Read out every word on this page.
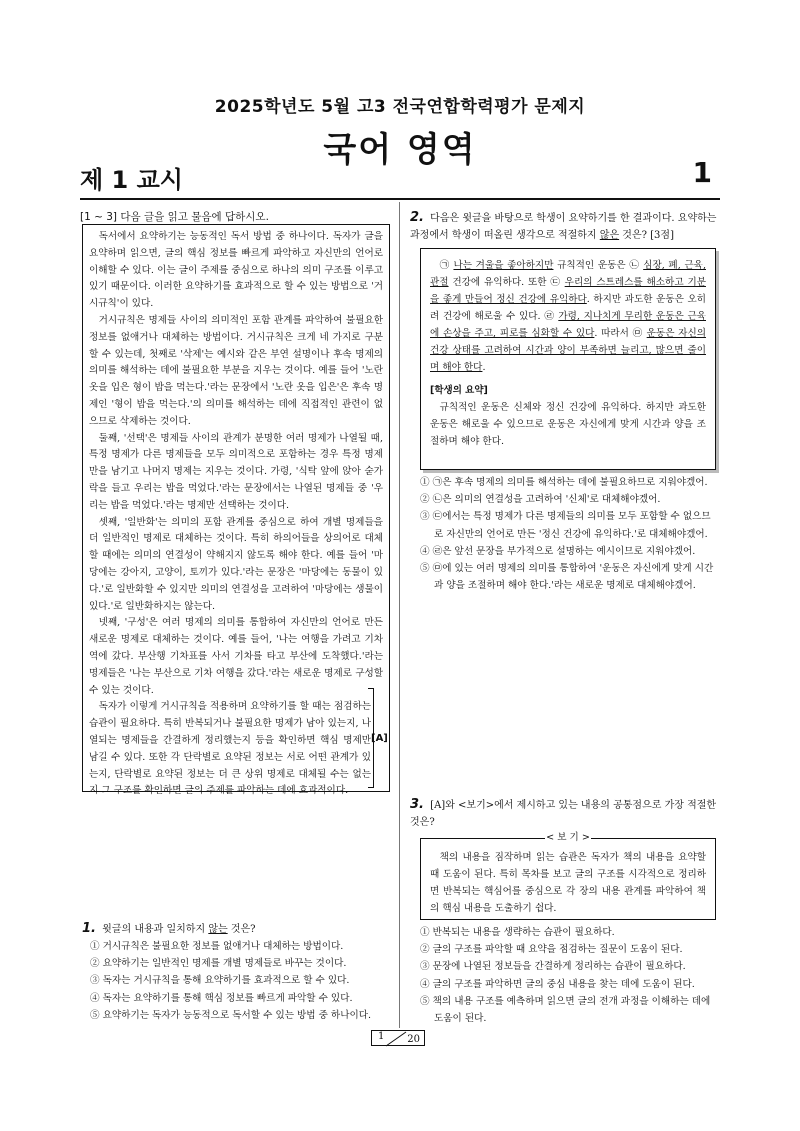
2025학년도 5월 고3 전국연합학력평가 문제지
국어 영역
제 1 교시	1
[1 ~ 3] 다음 글을 읽고 물음에 답하시오.

독서에서 요약하기는 능동적인 독서 방법 중 하나이다. 독자가 글을 요약하며 읽으면, 글의 핵심 정보를 빠르게 파악하고 자신만의 언어로 이해할 수 있다. 이는 글이 주제를 중심으로 하나의 의미 구조를 이루고 있기 때문이다. 이러한 요약하기를 효과적으로 할 수 있는 방법으로 '거시규칙'이 있다.

거시규칙은 명제들 사이의 의미적인 포함 관계를 파악하여 불필요한 정보를 없애거나 대체하는 방법이다. 거시규칙은 크게 네 가지로 구분할 수 있는데, 첫째로 '삭제'는 예시와 같은 부연 설명이나 후속 명제의 의미를 해석하는 데에 불필요한 부분을 지우는 것이다. 예를 들어 '노란 옷을 입은 형이 밥을 먹는다.'라는 문장에서 '노란 옷을 입은'은 후속 명제인 '형이 밥을 먹는다.'의 의미를 해석하는 데에 직접적인 관련이 없으므로 삭제하는 것이다.

둘째, '선택'은 명제들 사이의 관계가 분명한 여러 명제가 나열될 때, 특정 명제가 다른 명제들을 모두 의미적으로 포함하는 경우 특정 명제만을 남기고 나머지 명제는 지우는 것이다. 가령, '식탁 앞에 앉아 숟가락을 들고 우리는 밥을 먹었다.'라는 문장에서는 나열된 명제들 중 '우리는 밥을 먹었다.'라는 명제만 선택하는 것이다.

셋째, '일반화'는 의미의 포함 관계를 중심으로 하여 개별 명제들을 더 일반적인 명제로 대체하는 것이다. 특히 하의어들을 상의어로 대체할 때에는 의미의 연결성이 약해지지 않도록 해야 한다. 예를 들어 '마당에는 강아지, 고양이, 토끼가 있다.'라는 문장은 '마당에는 동물이 있다.'로 일반화할 수 있지만 의미의 연결성을 고려하여 '마당에는 생물이 있다.'로 일반화하지는 않는다.

넷째, '구성'은 여러 명제의 의미를 통합하여 자신만의 언어로 만든 새로운 명제로 대체하는 것이다. 예를 들어, '나는 여행을 가려고 기차역에 갔다. 부산행 기차표를 사서 기차를 타고 부산에 도착했다.'라는 명제들은 '나는 부산으로 기차 여행을 갔다.'라는 새로운 명제로 구성할 수 있는 것이다.

독자가 이렇게 거시규칙을 적용하며 요약하기를 할 때는 점검하는 습관이 필요하다. 특히 반복되거나 불필요한 명제가 남아 있는지, 나열되는 명제들을 간결하게 정리했는지 등을 확인하면 핵심 명제만 남길 수 있다. 또한 각 단락별로 요약된 정보는 서로 어떤 관계가 있는지, 단락별로 요약된 정보는 더 큰 상위 명제로 대체될 수는 없는지 그 구조를 확인하면 글의 주제를 파악하는 데에 효과적이다.

[A]
1. 윗글의 내용과 일치하지 않는 것은?
① 거시규칙은 불필요한 정보를 없애거나 대체하는 방법이다.
② 요약하기는 일반적인 명제를 개별 명제들로 바꾸는 것이다.
③ 독자는 거시규칙을 통해 요약하기를 효과적으로 할 수 있다.
④ 독자는 요약하기를 통해 핵심 정보를 빠르게 파악할 수 있다.
⑤ 요약하기는 독자가 능동적으로 독서할 수 있는 방법 중 하나이다.
2. 다음은 윗글을 바탕으로 학생이 요약하기를 한 결과이다. 요약하는 과정에서 학생이 떠올린 생각으로 적절하지 않은 것은? [3점]
㉠ 나는 겨울을 좋아하지만 규칙적인 운동은 ㉡ 심장, 폐, 근육, 관절 건강에 유익하다. 또한 ㉢ 우리의 스트레스를 해소하고 기분을 좋게 만들어 정신 건강에 유익하다. 하지만 과도한 운동은 오히려 건강에 해로울 수 있다. ㉣ 가령, 지나치게 무리한 운동은 근육에 손상을 주고, 피로를 심화할 수 있다. 따라서 ㉤ 운동은 자신의 건강 상태를 고려하여 시간과 양이 부족하면 늘리고, 많으면 줄이며 해야 한다.
[학생의 요약]
규칙적인 운동은 신체와 정신 건강에 유익하다. 하지만 과도한 운동은 해로울 수 있으므로 운동은 자신에게 맞게 시간과 양을 조절하며 해야 한다.
① ㉠은 후속 명제의 의미를 해석하는 데에 불필요하므로 지워야겠어.
② ㉡은 의미의 연결성을 고려하여 '신체'로 대체해야겠어.
③ ㉢에서는 특정 명제가 다른 명제들의 의미를 모두 포함할 수 없으므로 자신만의 언어로 만든 '정신 건강에 유익하다.'로 대체해야겠어.
④ ㉣은 앞선 문장을 부가적으로 설명하는 예시이므로 지워야겠어.
⑤ ㉤에 있는 여러 명제의 의미를 통합하여 '운동은 자신에게 맞게 시간과 양을 조절하며 해야 한다.'라는 새로운 명제로 대체해야겠어.
3. [A]와 <보기>에서 제시하고 있는 내용의 공통점으로 가장 적절한 것은?
책의 내용을 짐작하며 읽는 습관은 독자가 책의 내용을 요약할 때 도움이 된다. 특히 목차를 보고 글의 구조를 시각적으로 정리하면 반복되는 핵심어를 중심으로 각 장의 내용 관계를 파악하여 책의 핵심 내용을 도출하기 쉽다.
< 보 기 >
① 반복되는 내용을 생략하는 습관이 필요하다.
② 글의 구조를 파악할 때 요약을 점검하는 질문이 도움이 된다.
③ 문장에 나열된 정보들을 간결하게 정리하는 습관이 필요하다.
④ 글의 구조를 파악하면 글의 중심 내용을 찾는 데에 도움이 된다.
⑤ 책의 내용 구조를 예측하며 읽으면 글의 전개 과정을 이해하는 데에 도움이 된다.
1 20
